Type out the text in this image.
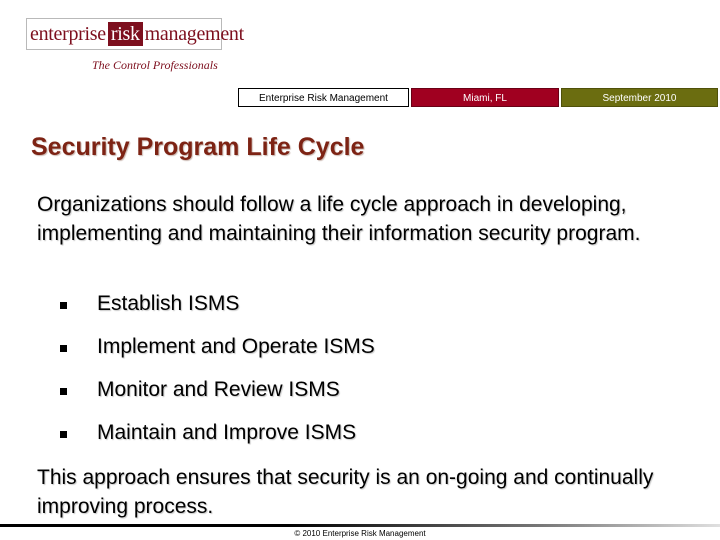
enterprise risk management
The Control Professionals
Enterprise Risk Management	Miami, FL	September 2010
Security Program Life Cycle

Organizations should follow a life cycle approach in developing, implementing and maintaining their information security program.

Establish ISMS
Implement and Operate ISMS
Monitor and Review ISMS
Maintain and Improve ISMS

This approach ensures that security is an on-going and continually improving process.

© 2010 Enterprise Risk Management
